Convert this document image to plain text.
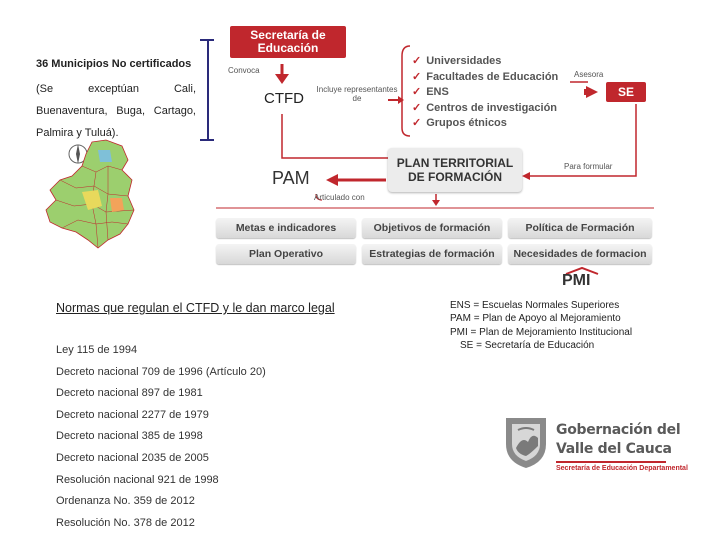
36 Municipios No certificados
(Se exceptúan Cali, Buenaventura, Buga, Cartago, Palmira y Tuluá).
Secretaría de Educación
Convoca
CTFD
Incluye representantes de
✓ Universidades
✓ Facultades de Educación
✓ ENS
✓ Centros de investigación
✓ Grupos étnicos
Asesora
SE
PLAN TERRITORIAL DE FORMACIÓN
Para formular
PAM
Articulado con
Metas e indicadores	Objetivos de formación	Política de Formación
Plan Operativo	Estrategias de formación	Necesidades de formacion
PMI
Normas que regulan el CTFD y le dan marco legal
Ley 115 de 1994
Decreto nacional 709 de 1996 (Artículo 20)
Decreto nacional 897 de 1981
Decreto nacional 2277 de 1979
Decreto nacional 385 de 1998
Decreto nacional 2035 de 2005
Resolución nacional 921 de 1998
Ordenanza No. 359 de 2012
Resolución No. 378 de 2012
ENS = Escuelas Normales Superiores
PAM = Plan de Apoyo al Mejoramiento
PMI = Plan de Mejoramiento Institucional
SE = Secretaría de Educación
Gobernación del
Valle del Cauca
Secretaría de Educación Departamental
